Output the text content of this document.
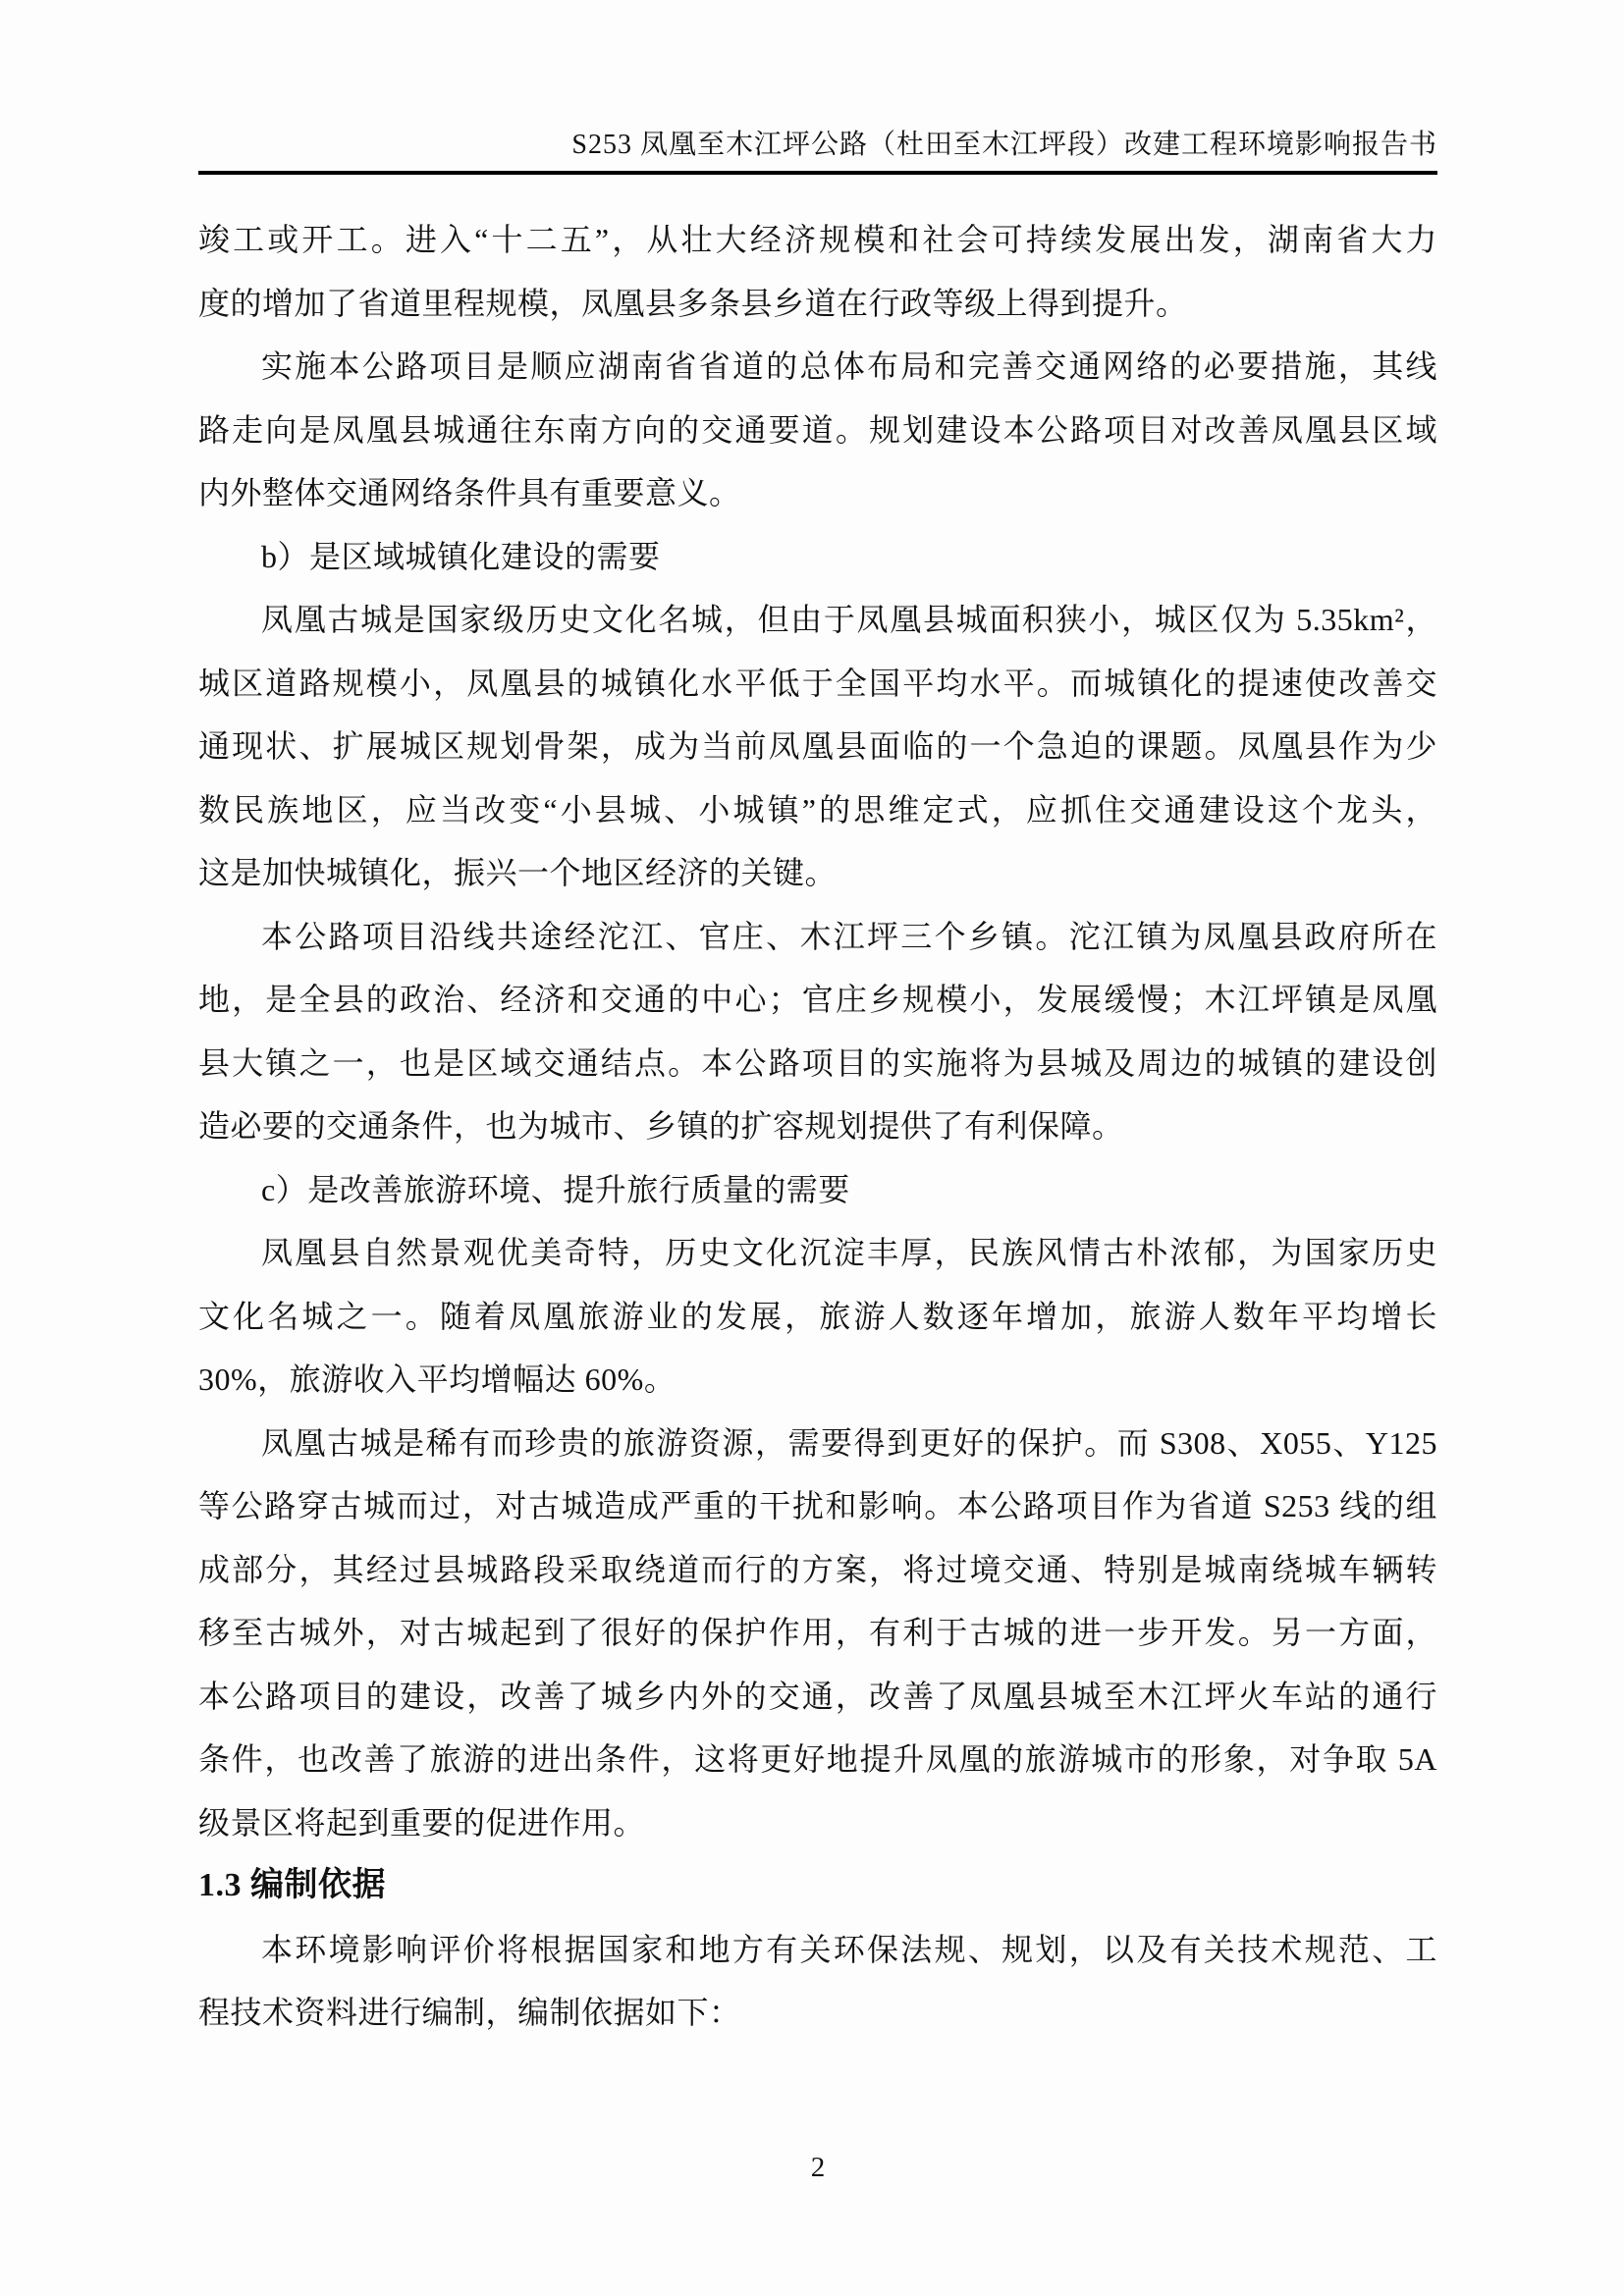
S253 凤凰至木江坪公路（杜田至木江坪段）改建工程环境影响报告书
竣工或开工。进入“十二五”，从壮大经济规模和社会可持续发展出发，湖南省大力
度的增加了省道里程规模，凤凰县多条县乡道在行政等级上得到提升。
实施本公路项目是顺应湖南省省道的总体布局和完善交通网络的必要措施，其线
路走向是凤凰县城通往东南方向的交通要道。规划建设本公路项目对改善凤凰县区域
内外整体交通网络条件具有重要意义。
b）是区域城镇化建设的需要
凤凰古城是国家级历史文化名城，但由于凤凰县城面积狭小，城区仅为 5.35km²，
城区道路规模小，凤凰县的城镇化水平低于全国平均水平。而城镇化的提速使改善交
通现状、扩展城区规划骨架，成为当前凤凰县面临的一个急迫的课题。凤凰县作为少
数民族地区，应当改变“小县城、小城镇”的思维定式，应抓住交通建设这个龙头，
这是加快城镇化，振兴一个地区经济的关键。
本公路项目沿线共途经沱江、官庄、木江坪三个乡镇。沱江镇为凤凰县政府所在
地，是全县的政治、经济和交通的中心；官庄乡规模小，发展缓慢；木江坪镇是凤凰
县大镇之一，也是区域交通结点。本公路项目的实施将为县城及周边的城镇的建设创
造必要的交通条件，也为城市、乡镇的扩容规划提供了有利保障。
c）是改善旅游环境、提升旅行质量的需要
凤凰县自然景观优美奇特，历史文化沉淀丰厚，民族风情古朴浓郁，为国家历史
文化名城之一。随着凤凰旅游业的发展，旅游人数逐年增加，旅游人数年平均增长
30%，旅游收入平均增幅达 60%。
凤凰古城是稀有而珍贵的旅游资源，需要得到更好的保护。而 S308、X055、Y125
等公路穿古城而过，对古城造成严重的干扰和影响。本公路项目作为省道 S253 线的组
成部分，其经过县城路段采取绕道而行的方案，将过境交通、特别是城南绕城车辆转
移至古城外，对古城起到了很好的保护作用，有利于古城的进一步开发。另一方面，
本公路项目的建设，改善了城乡内外的交通，改善了凤凰县城至木江坪火车站的通行
条件，也改善了旅游的进出条件，这将更好地提升凤凰的旅游城市的形象，对争取 5A
级景区将起到重要的促进作用。
1.3 编制依据
本环境影响评价将根据国家和地方有关环保法规、规划，以及有关技术规范、工
程技术资料进行编制，编制依据如下：
2
